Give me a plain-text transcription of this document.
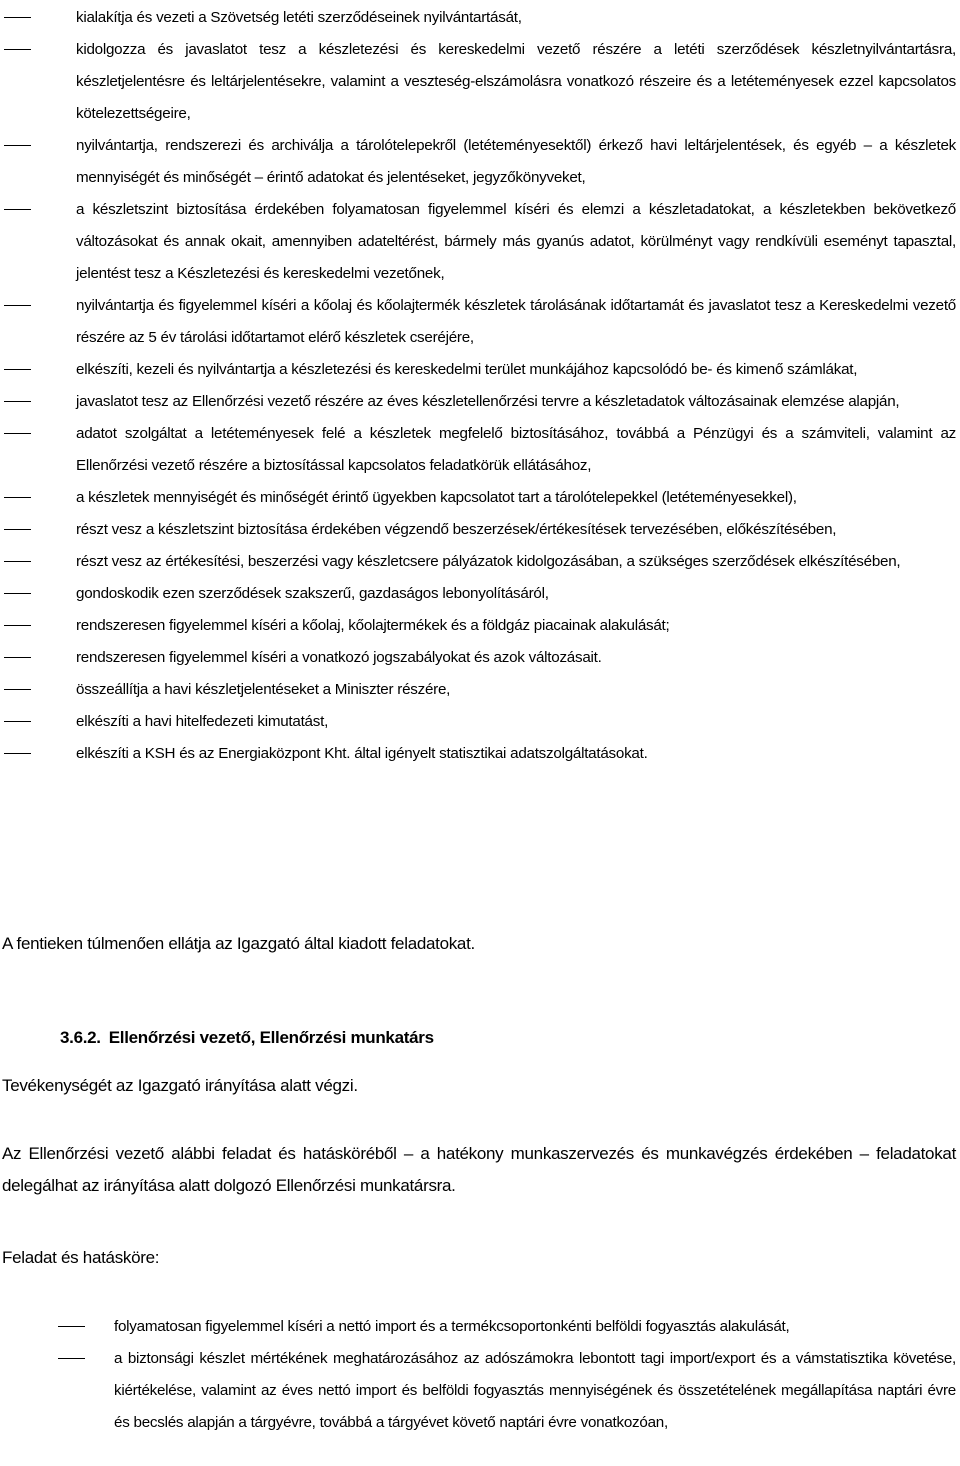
kialakítja és vezeti a Szövetség letéti szerződéseinek nyilvántartását,
kidolgozza és javaslatot tesz a készletezési és kereskedelmi vezető részére a letéti szerződések készletnyilvántartásra, készletjelentésre és leltárjelentésekre, valamint a veszteség-elszámolásra vonatkozó részeire és a letéteményesek ezzel kapcsolatos kötelezettségeire,
nyilvántartja, rendszerezi és archiválja a tárolótelepekről (letéteményesektől) érkező havi leltárjelentések, és egyéb – a készletek mennyiségét és minőségét – érintő adatokat és jelentéseket, jegyzőkönyveket,
a készletszint biztosítása érdekében folyamatosan figyelemmel kíséri és elemzi a készletadatokat, a készletekben bekövetkező változásokat és annak okait, amennyiben adateltérést, bármely más gyanús adatot, körülményt vagy rendkívüli eseményt tapasztal, jelentést tesz a Készletezési és kereskedelmi vezetőnek,
nyilvántartja és figyelemmel kíséri a kőolaj és kőolajtermék készletek tárolásának időtartamát és javaslatot tesz a Kereskedelmi vezető részére az 5 év tárolási időtartamot elérő készletek cseréjére,
elkészíti, kezeli és nyilvántartja a készletezési és kereskedelmi terület munkájához kapcsolódó be- és kimenő számlákat,
javaslatot tesz az Ellenőrzési vezető részére az éves készletellenőrzési tervre a készletadatok változásainak elemzése alapján,
adatot szolgáltat a letéteményesek felé a készletek megfelelő biztosításához, továbbá a Pénzügyi és a számviteli, valamint az Ellenőrzési vezető részére a biztosítással kapcsolatos feladatkörük ellátásához,
a készletek mennyiségét és minőségét érintő ügyekben kapcsolatot tart a tárolótelepekkel (letéteményesekkel),
részt vesz a készletszint biztosítása érdekében végzendő beszerzések/értékesítések tervezésében, előkészítésében,
részt vesz az értékesítési, beszerzési vagy készletcsere pályázatok kidolgozásában, a szükséges szerződések elkészítésében,
gondoskodik ezen szerződések szakszerű, gazdaságos lebonyolításáról,
rendszeresen figyelemmel kíséri a kőolaj, kőolajtermékek és a földgáz piacainak alakulását;
rendszeresen figyelemmel kíséri a vonatkozó jogszabályokat és azok változásait.
összeállítja a havi készletjelentéseket a Miniszter részére,
elkészíti a havi hitelfedezeti kimutatást,
elkészíti a KSH és az Energiaközpont Kht. által igényelt statisztikai adatszolgáltatásokat.

A fentieken túlmenően ellátja az Igazgató által kiadott feladatokat.

3.6.2. Ellenőrzési vezető, Ellenőrzési munkatárs

Tevékenységét az Igazgató irányítása alatt végzi.

Az Ellenőrzési vezető alábbi feladat és hatásköréből – a hatékony munkaszervezés és munkavégzés érdekében – feladatokat delegálhat az irányítása alatt dolgozó Ellenőrzési munkatársra.

Feladat és hatásköre:

folyamatosan figyelemmel kíséri a nettó import és a termékcsoportonkénti belföldi fogyasztás alakulását,
a biztonsági készlet mértékének meghatározásához az adószámokra lebontott tagi import/export és a vámstatisztika követése, kiértékelése, valamint az éves nettó import és belföldi fogyasztás mennyiségének és összetételének megállapítása naptári évre és becslés alapján a tárgyévre, továbbá a tárgyévet követő naptári évre vonatkozóan,
